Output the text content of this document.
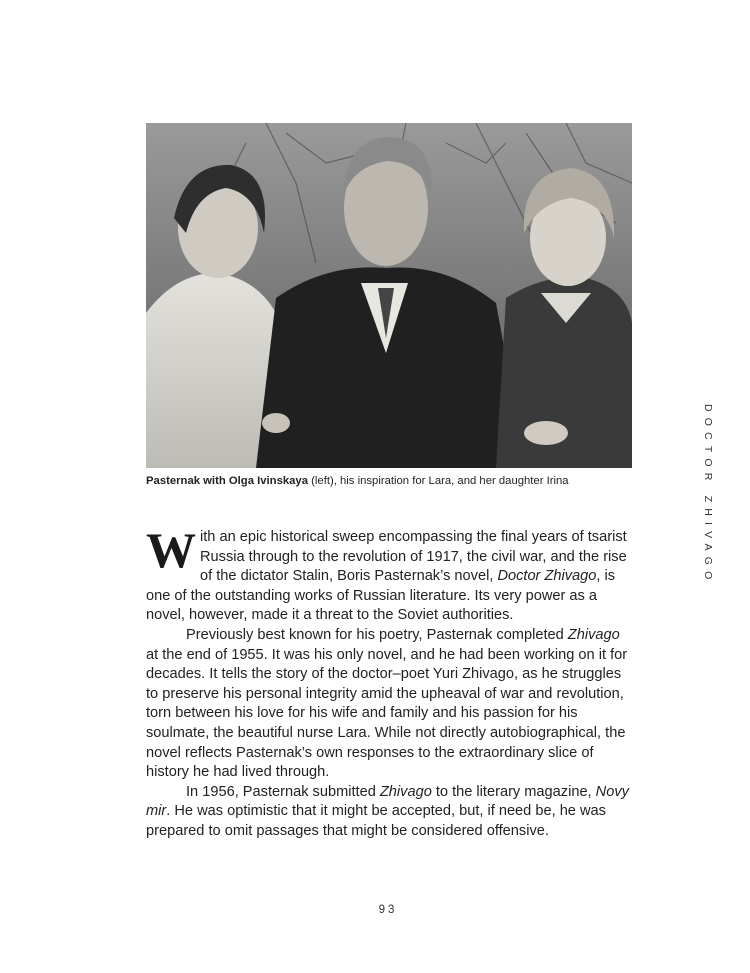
Pasternak with Olga Ivinskaya (left), his inspiration for Lara, and her daughter Irina	DOCTOR ZHIVAGO

With an epic historical sweep encompassing the final years of tsarist Russia through to the revolution of 1917, the civil war, and the rise of the dictator Stalin, Boris Pasternak’s novel, Doctor Zhivago, is one of the outstanding works of Russian literature. Its very power as a novel, however, made it a threat to the Soviet authorities.

Previously best known for his poetry, Pasternak completed Zhivago at the end of 1955. It was his only novel, and he had been working on it for decades. It tells the story of the doctor–poet Yuri Zhivago, as he struggles to preserve his personal integrity amid the upheaval of war and revolution, torn between his love for his wife and family and his passion for his soulmate, the beautiful nurse Lara. While not directly autobiographical, the novel reflects Pasternak’s own responses to the extraordinary slice of history he had lived through.

In 1956, Pasternak submitted Zhivago to the literary magazine, Novy mir. He was optimistic that it might be accepted, but, if need be, he was prepared to omit passages that might be considered offensive.

93
